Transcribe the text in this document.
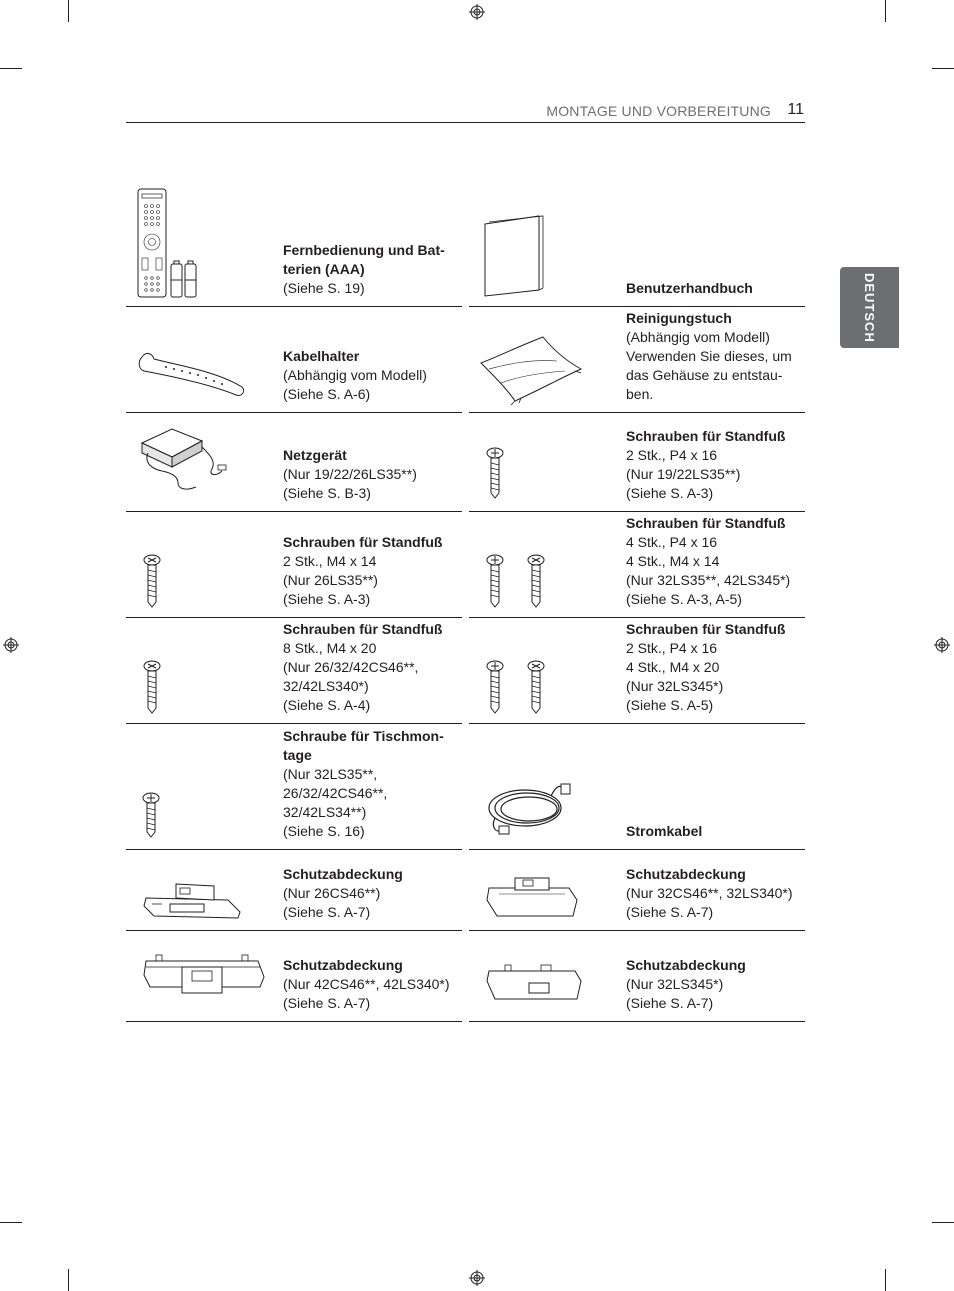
MONTAGE UND VORBEREITUNG 11
DEUTSCH
Fernbedienung und Bat-
terien (AAA)
(Siehe S. 19)
Kabelhalter
(Abhängig vom Modell)
(Siehe S. A-6)
Netzgerät
(Nur 19/22/26LS35**)
(Siehe S. B-3)
Schrauben für Standfuß
2 Stk., M4 x 14
(Nur 26LS35**)
(Siehe S. A-3)
Schrauben für Standfuß
8 Stk., M4 x 20
(Nur 26/32/42CS46**,
32/42LS340*)
(Siehe S. A-4)
Schraube für Tischmon-
tage
(Nur 32LS35**,
26/32/42CS46**,
32/42LS34**)
(Siehe S. 16)
Schutzabdeckung
(Nur 26CS46**)
(Siehe S. A-7)
Schutzabdeckung
(Nur 42CS46**, 42LS340*)
(Siehe S. A-7)
Benutzerhandbuch
Reinigungstuch
(Abhängig vom Modell)
Verwenden Sie dieses, um
das Gehäuse zu entstau-
ben.
Schrauben für Standfuß
2 Stk., P4 x 16
(Nur 19/22LS35**)
(Siehe S. A-3)
Schrauben für Standfuß
4 Stk., P4 x 16
4 Stk., M4 x 14
(Nur 32LS35**, 42LS345*)
(Siehe S. A-3, A-5)
Schrauben für Standfuß
2 Stk., P4 x 16
4 Stk., M4 x 20
(Nur 32LS345*)
(Siehe S. A-5)
Stromkabel
Schutzabdeckung
(Nur 32CS46**, 32LS340*)
(Siehe S. A-7)
Schutzabdeckung
(Nur 32LS345*)
(Siehe S. A-7)
